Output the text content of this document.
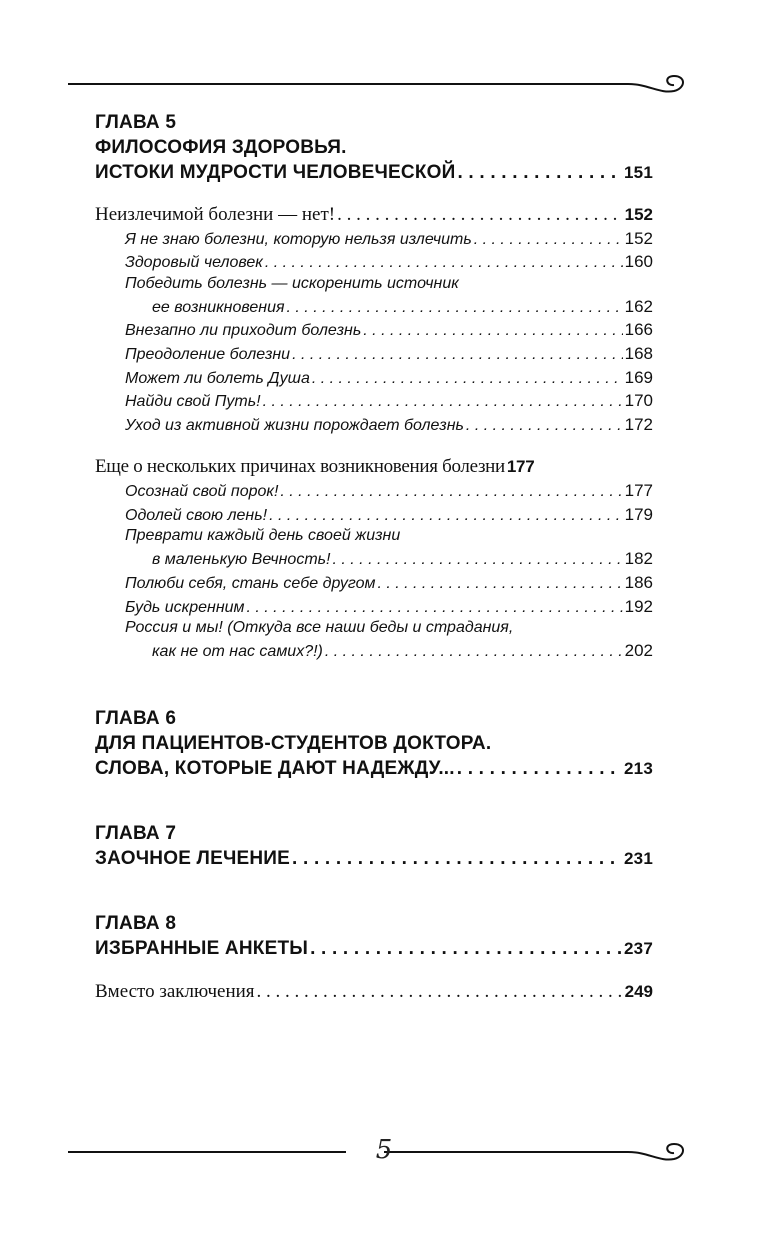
ГЛАВА 5
ФИЛОСОФИЯ ЗДОРОВЬЯ.
ИСТОКИ МУДРОСТИ ЧЕЛОВЕЧЕСКОЙ . . .	151
Неизлечимой болезни — нет! . . .	152
Я не знаю болезни, которую нельзя излечить . . .	152
Здоровый человек . . .	160
Победить болезнь — искоренить источник
ее возникновения . . .	162
Внезапно ли приходит болезнь . . .	166
Преодоление болезни . . .	168
Может ли болеть Душа . . .	169
Найди свой Путь! . . .	170
Уход из активной жизни порождает болезнь . . .	172
Еще о нескольких причинах возникновения болезни 177
Осознай свой порок! . . .	177
Одолей свою лень! . . .	179
Преврати каждый день своей жизни
в маленькую Вечность! . . .	182
Полюби себя, стань себе другом . . .	186
Будь искренним . . .	192
Россия и мы! (Откуда все наши беды и страдания,
как не от нас самих?!) . . .	202
ГЛАВА 6
ДЛЯ ПАЦИЕНТОВ-СТУДЕНТОВ ДОКТОРА.
СЛОВА, КОТОРЫЕ ДАЮТ НАДЕЖДУ... . . .	213
ГЛАВА 7
ЗАОЧНОЕ ЛЕЧЕНИЕ . . .	231
ГЛАВА 8
ИЗБРАННЫЕ АНКЕТЫ . . .	237
Вместо заключения . . .	249
5
